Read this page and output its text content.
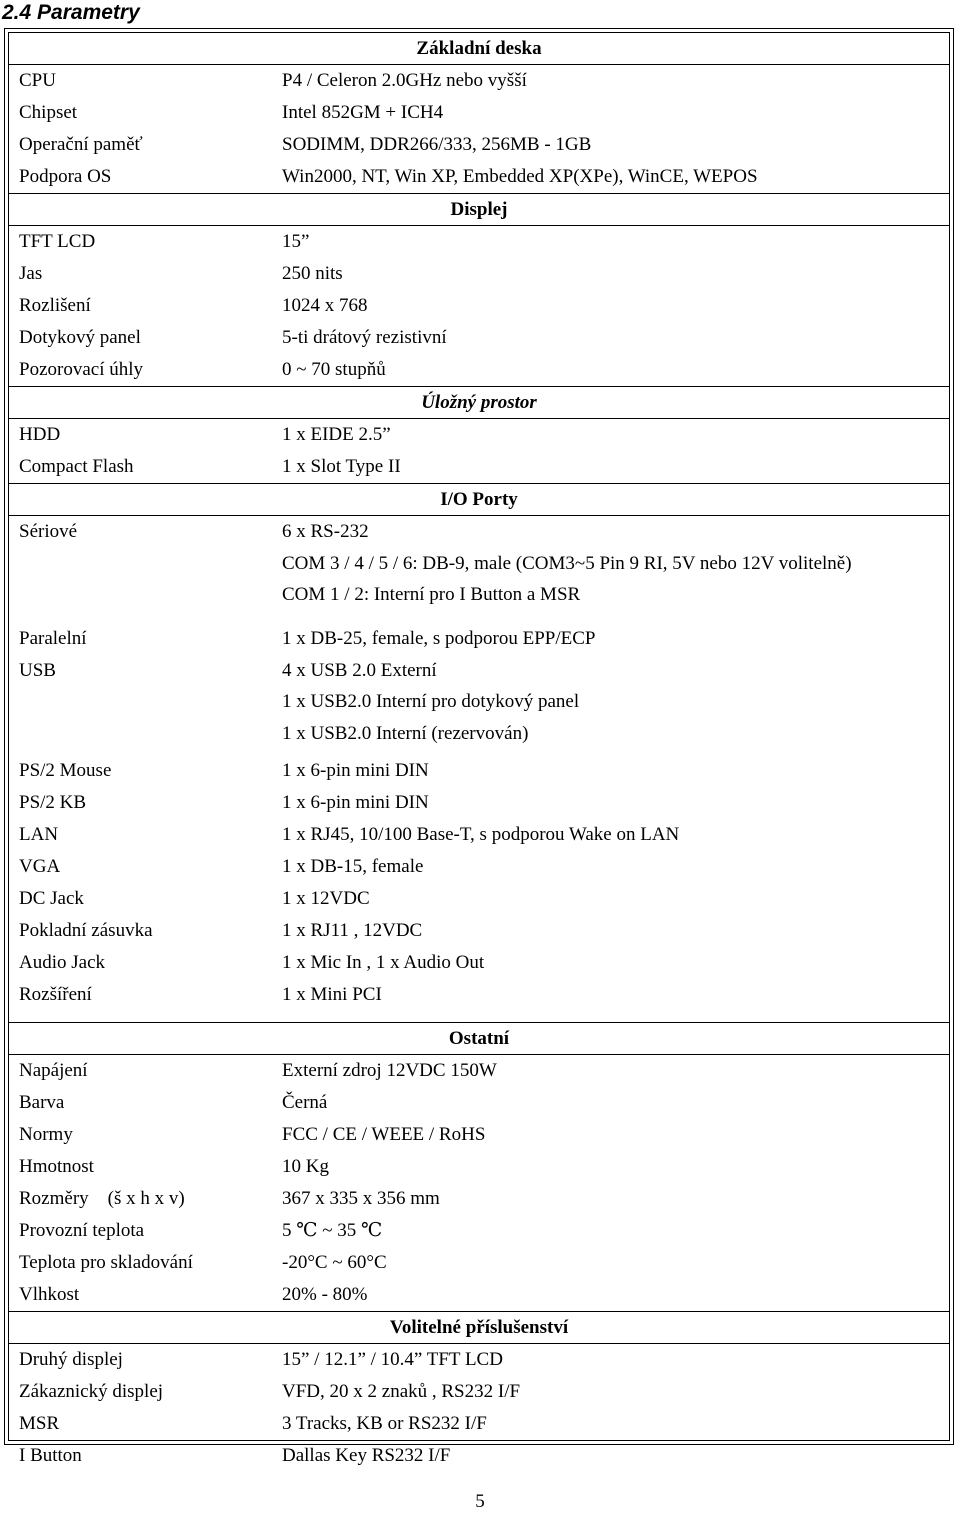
2.4 Parametry
Základní deska
CPU	P4 / Celeron 2.0GHz nebo vyšší
Chipset	Intel 852GM + ICH4
Operační paměť	SODIMM, DDR266/333, 256MB - 1GB
Podpora OS	Win2000, NT, Win XP, Embedded XP(XPe), WinCE, WEPOS
Displej
TFT LCD	15”
Jas	250 nits
Rozlišení	1024 x 768
Dotykový panel	5-ti drátový rezistivní
Pozorovací úhly	0 ~ 70 stupňů
Úložný prostor
HDD	1 x EIDE 2.5”
Compact Flash	1 x Slot Type II
I/O Porty
Sériové	6 x RS-232
COM 3 / 4 / 5 / 6: DB-9, male (COM3~5 Pin 9 RI, 5V nebo 12V volitelně)
COM 1 / 2: Interní pro I Button a MSR
Paralelní	1 x DB-25, female, s podporou EPP/ECP
USB	4 x USB 2.0 Externí
1 x USB2.0 Interní pro dotykový panel
1 x USB2.0 Interní (rezervován)
PS/2 Mouse	1 x 6-pin mini DIN
PS/2 KB	1 x 6-pin mini DIN
LAN	1 x RJ45, 10/100 Base-T, s podporou Wake on LAN
VGA	1 x DB-15, female
DC Jack	1 x 12VDC
Pokladní zásuvka	1 x RJ11 , 12VDC
Audio Jack	1 x Mic In , 1 x Audio Out
Rozšíření	1 x Mini PCI
Ostatní
Napájení	Externí zdroj 12VDC 150W
Barva	Černá
Normy	FCC / CE / WEEE / RoHS
Hmotnost	10 Kg
Rozměry    (š x h x v)	367 x 335 x 356 mm
Provozní teplota	5 ℃ ~ 35 ℃
Teplota pro skladování	-20°C ~ 60°C
Vlhkost	20% - 80%
Volitelné příslušenství
Druhý displej	15” / 12.1” / 10.4” TFT LCD
Zákaznický displej	VFD, 20 x 2 znaků , RS232 I/F
MSR	3 Tracks, KB or RS232 I/F
I Button	Dallas Key RS232 I/F
5
